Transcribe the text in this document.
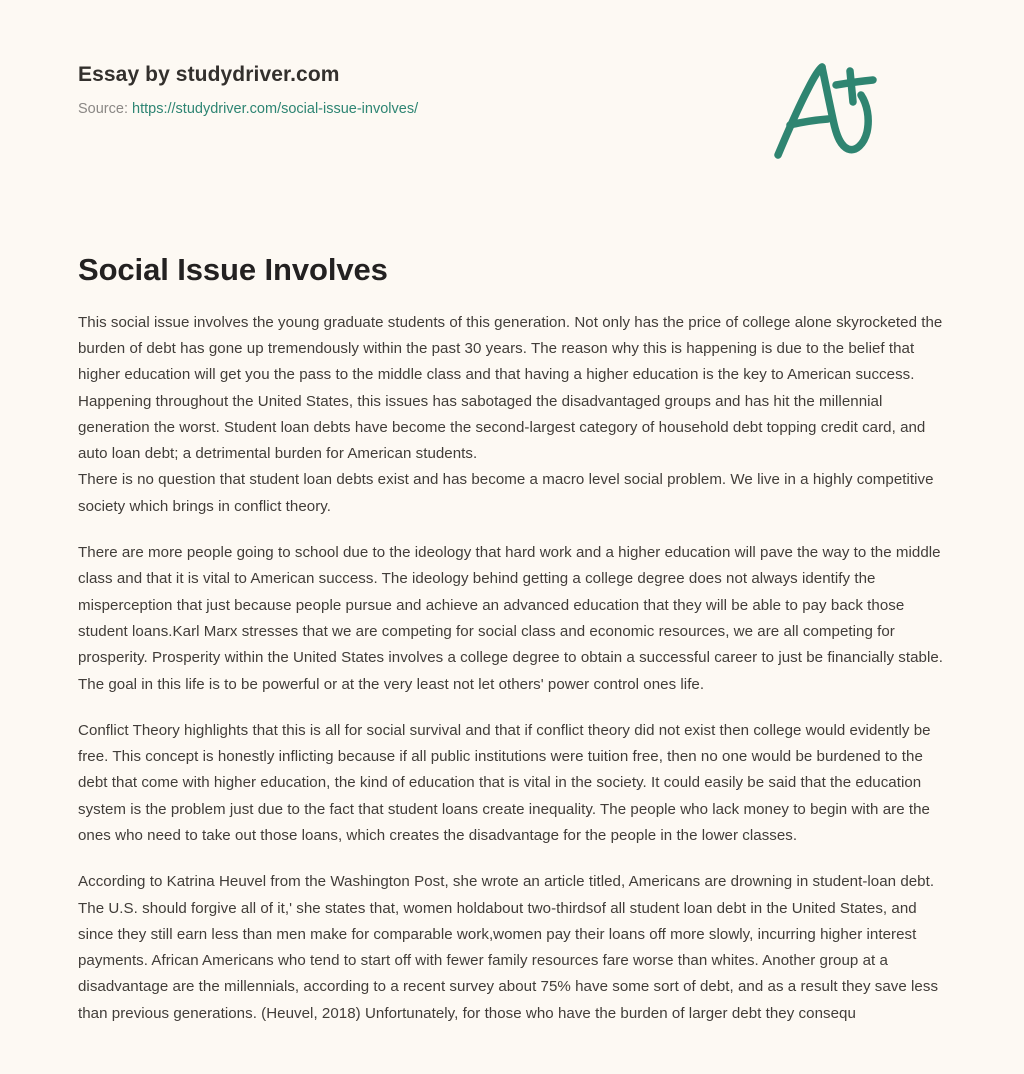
Essay by studydriver.com
Source: https://studydriver.com/social-issue-involves/
Social Issue Involves

This social issue involves the young graduate students of this generation. Not only has the price of college alone skyrocketed the burden of debt has gone up tremendously within the past 30 years. The reason why this is happening is due to the belief that higher education will get you the pass to the middle class and that having a higher education is the key to American success. Happening throughout the United States, this issues has sabotaged the disadvantaged groups and has hit the millennial generation the worst. Student loan debts have become the second-largest category of household debt topping credit card, and auto loan debt; a detrimental burden for American students.

There is no question that student loan debts exist and has become a macro level social problem. We live in a highly competitive society which brings in conflict theory.

There are more people going to school due to the ideology that hard work and a higher education will pave the way to the middle class and that it is vital to American success. The ideology behind getting a college degree does not always identify the misperception that just because people pursue and achieve an advanced education that they will be able to pay back those student loans.Karl Marx stresses that we are competing for social class and economic resources, we are all competing for prosperity. Prosperity within the United States involves a college degree to obtain a successful career to just be financially stable. The goal in this life is to be powerful or at the very least not let others' power control ones life.

Conflict Theory highlights that this is all for social survival and that if conflict theory did not exist then college would evidently be free. This concept is honestly inflicting because if all public institutions were tuition free, then no one would be burdened to the debt that come with higher education, the kind of education that is vital in the society. It could easily be said that the education system is the problem just due to the fact that student loans create inequality. The people who lack money to begin with are the ones who need to take out those loans, which creates the disadvantage for the people in the lower classes.

According to Katrina Heuvel from the Washington Post, she wrote an article titled, Americans are drowning in student-loan debt. The U.S. should forgive all of it,' she states that, women holdabout two-thirdsof all student loan debt in the United States, and since they still earn less than men make for comparable work,women pay their loans off more slowly, incurring higher interest payments. African Americans who tend to start off with fewer family resources fare worse than whites. Another group at a disadvantage are the millennials, according to a recent survey about 75% have some sort of debt, and as a result they save less than previous generations. (Heuvel, 2018) Unfortunately, for those who have the burden of larger debt they consequ
